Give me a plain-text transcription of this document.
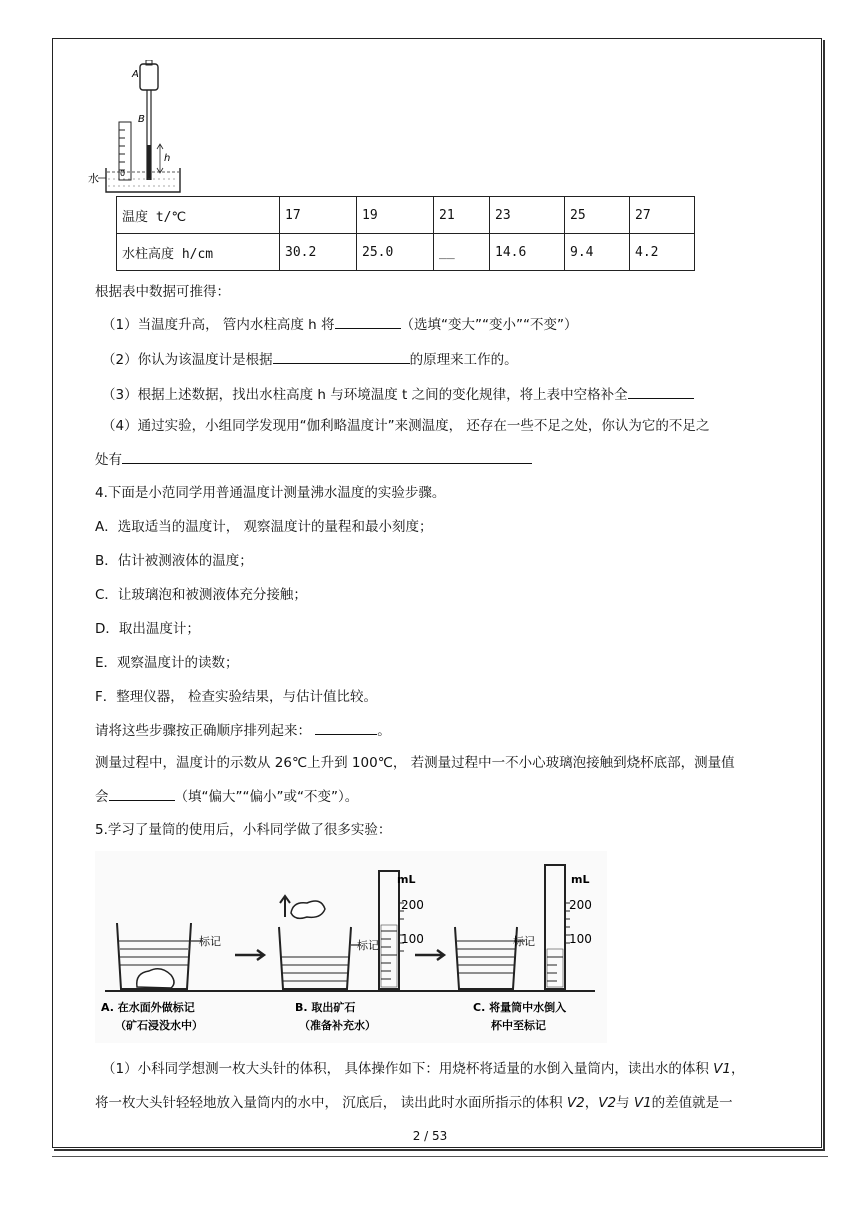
A
B
h
0
水
温度 t/℃	17	19	21	23	25	27
水柱高度 h/cm	30.2	25.0	__	14.6	9.4	4.2
根据表中数据可推得：
（1）当温度升高， 管内水柱高度 h 将	（选填“变大”“变小”“不变”）
（2）你认为该温度计是根据	的原理来工作的。
（3）根据上述数据，找出水柱高度 h 与环境温度 t 之间的变化规律，将上表中空格补全
（4）通过实验，小组同学发现用“伽利略温度计”来测温度， 还存在一些不足之处，你认为它的不足之
处有
4.下面是小范同学用普通温度计测量沸水温度的实验步骤。
A．选取适当的温度计， 观察温度计的量程和最小刻度；
B．估计被测液体的温度；
C．让玻璃泡和被测液体充分接触；
D．取出温度计；
E．观察温度计的读数；
F．整理仪器， 检查实验结果，与估计值比较。
请将这些步骤按正确顺序排列起来：	。
测量过程中，温度计的示数从 26℃上升到 100℃， 若测量过程中一不小心玻璃泡接触到烧杯底部，测量值
会	（填“偏大”“偏小”或“不变”）。
5.学习了量筒的使用后，小科同学做了很多实验：
标记	标记
mL
200
100	标记
mL
200
100
A. 在水面外做标记
（矿石浸没水中）
B. 取出矿石
（准备补充水）
C. 将量筒中水倒入
杯中至标记
（1）小科同学想测一枚大头针的体积， 具体操作如下：用烧杯将适量的水倒入量筒内，读出水的体积 V1，
将一枚大头针轻轻地放入量筒内的水中， 沉底后， 读出此时水面所指示的体积 V2，V2与 V1的差值就是一
2 / 53
